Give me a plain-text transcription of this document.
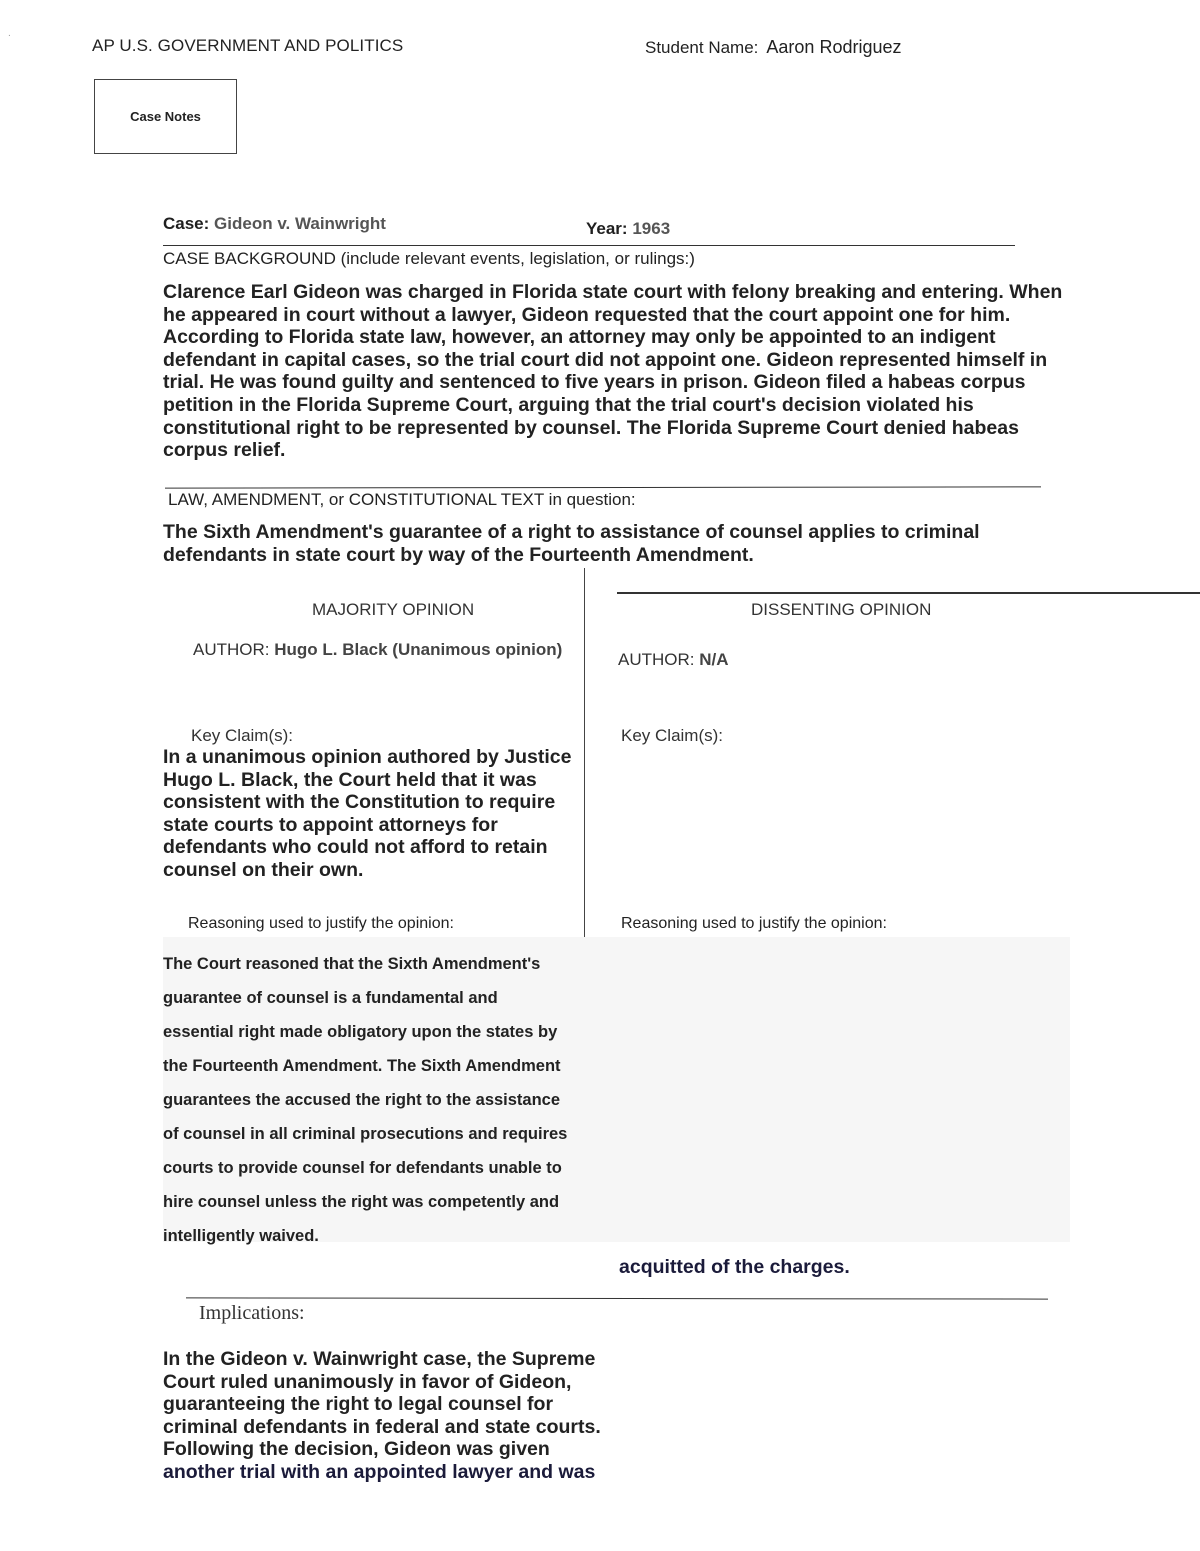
.
AP U.S. GOVERNMENT AND POLITICS	Student Name: Aaron Rodriguez
Case Notes
Case: Gideon v. Wainwright	Year: 1963
CASE BACKGROUND (include relevant events, legislation, or rulings:)
Clarence Earl Gideon was charged in Florida state court with felony breaking and entering. When
he appeared in court without a lawyer, Gideon requested that the court appoint one for him.
According to Florida state law, however, an attorney may only be appointed to an indigent
defendant in capital cases, so the trial court did not appoint one. Gideon represented himself in
trial. He was found guilty and sentenced to five years in prison. Gideon filed a habeas corpus
petition in the Florida Supreme Court, arguing that the trial court's decision violated his
constitutional right to be represented by counsel. The Florida Supreme Court denied habeas
corpus relief.
LAW, AMENDMENT, or CONSTITUTIONAL TEXT in question:
The Sixth Amendment's guarantee of a right to assistance of counsel applies to criminal
defendants in state court by way of the Fourteenth Amendment.
MAJORITY OPINION	DISSENTING OPINION
AUTHOR: Hugo L. Black (Unanimous opinion)
AUTHOR: N/A
Key Claim(s):	Key Claim(s):
In a unanimous opinion authored by Justice
Hugo L. Black, the Court held that it was
consistent with the Constitution to require
state courts to appoint attorneys for
defendants who could not afford to retain
counsel on their own.
Reasoning used to justify the opinion:	Reasoning used to justify the opinion:
The Court reasoned that the Sixth Amendment's
guarantee of counsel is a fundamental and
essential right made obligatory upon the states by
the Fourteenth Amendment. The Sixth Amendment
guarantees the accused the right to the assistance
of counsel in all criminal prosecutions and requires
courts to provide counsel for defendants unable to
hire counsel unless the right was competently and
intelligently waived.
acquitted of the charges.
Implications:
In the Gideon v. Wainwright case, the Supreme
Court ruled unanimously in favor of Gideon,
guaranteeing the right to legal counsel for
criminal defendants in federal and state courts.
Following the decision, Gideon was given
another trial with an appointed lawyer and was
